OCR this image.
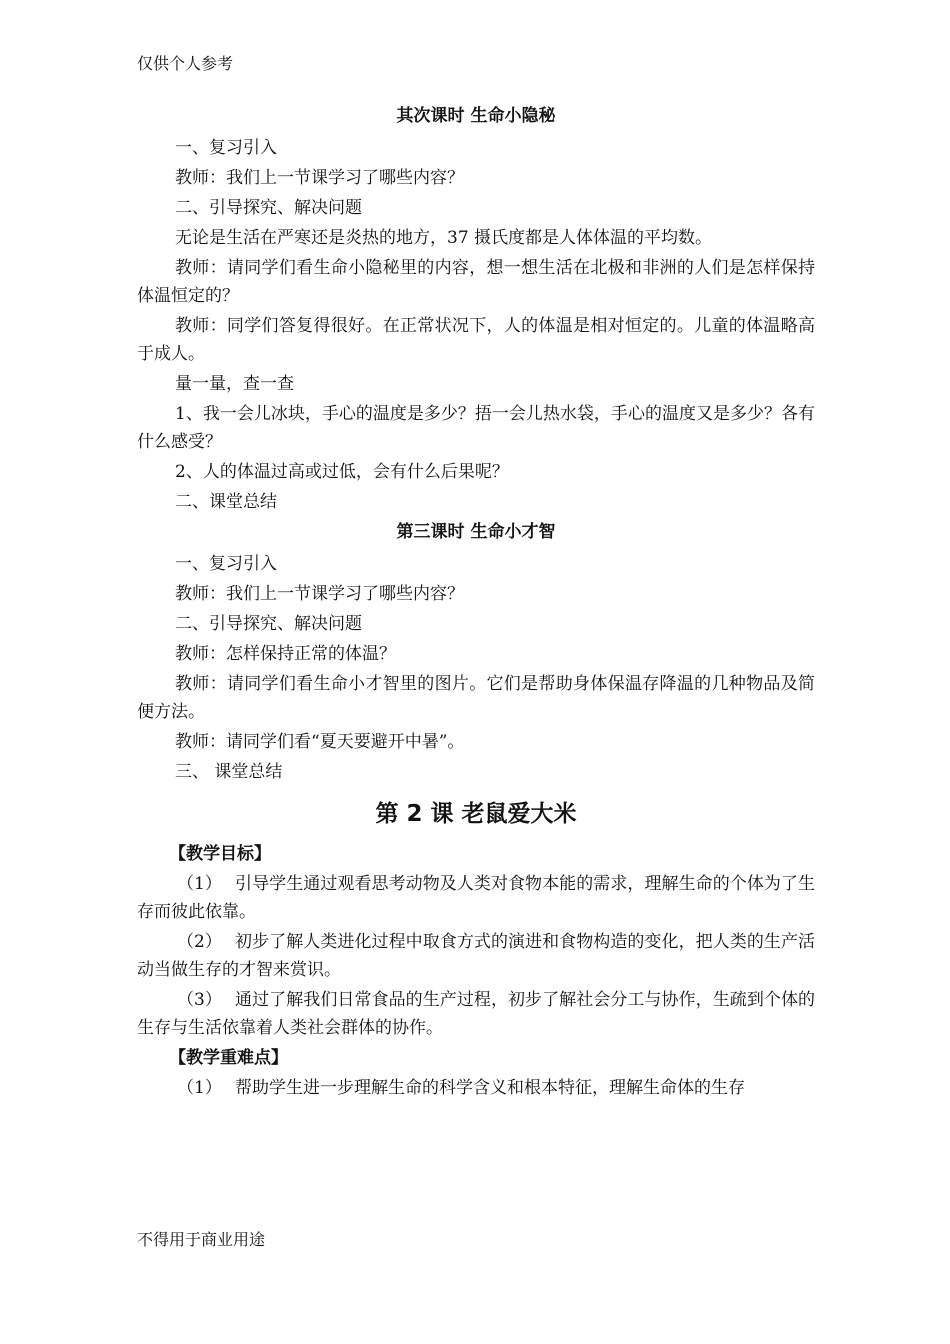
仅供个人参考
其次课时 生命小隐秘

一、复习引入

教师：我们上一节课学习了哪些内容？

二、引导探究、解决问题

无论是生活在严寒还是炎热的地方，37 摄氏度都是人体体温的平均数。

教师：请同学们看生命小隐秘里的内容，想一想生活在北极和非洲的人们是怎样保持体温恒定的？

教师：同学们答复得很好。在正常状况下，人的体温是相对恒定的。儿童的体温略高于成人。

量一量，查一查

1、我一会儿冰块，手心的温度是多少？捂一会儿热水袋，手心的温度又是多少？各有什么感受？

2、人的体温过高或过低，会有什么后果呢？

二、课堂总结

第三课时 生命小才智

一、复习引入

教师：我们上一节课学习了哪些内容？

二、引导探究、解决问题

教师：怎样保持正常的体温？

教师：请同学们看生命小才智里的图片。它们是帮助身体保温存降温的几种物品及简便方法。

教师：请同学们看“夏天要避开中暑”。

三、 课堂总结

第 2 课 老鼠爱大米
【教学目标】

（1） 引导学生通过观看思考动物及人类对食物本能的需求，理解生命的个体为了生存而彼此依靠。

（2） 初步了解人类进化过程中取食方式的演进和食物构造的变化，把人类的生产活动当做生存的才智来赏识。

（3） 通过了解我们日常食品的生产过程，初步了解社会分工与协作，生疏到个体的生存与生活依靠着人类社会群体的协作。

【教学重难点】

（1） 帮助学生进一步理解生命的科学含义和根本特征，理解生命体的生存

不得用于商业用途
